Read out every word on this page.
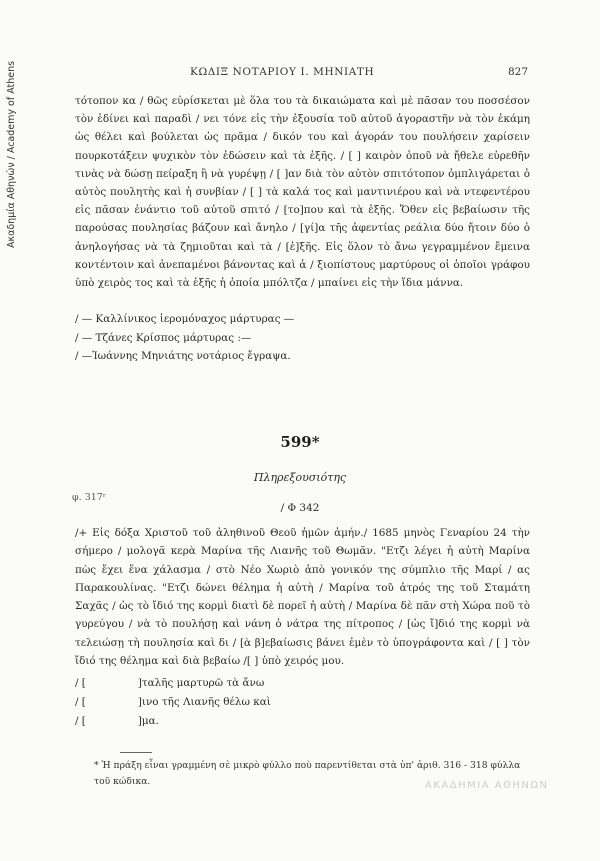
Ακαδημία Αθηνών / Academy of Athens
ΑΚΑΔΗΜΙΑ ΑΘΗΝΩΝ
ΚΩΔΙΞ ΝΟΤΑΡΙΟΥ Ι. ΜΗΝΙΑΤΗ	827

τότοπον κα / θῶς εὑρίσκεται μὲ ὅλα του τὰ δικαιώματα καὶ μὲ πᾶσαν του ποσσέσον τὸν ἐδίνει καὶ παραδὶ / νει τόνε εἰς τὴν ἐξουσία τοῦ αὐτοῦ ἀγοραστῆν νὰ τὸν ἐκάμη ὡς θέλει καὶ βούλεται ὡς πρᾶμα / δικόν του καὶ ἀγοράν του πουλήσειν χαρίσειν πουρκοτάξειν ψυχικὸν τὸν ἐδώσειν καὶ τὰ ἑξῆς. / [ ] καιρὸν ὁποῦ νὰ ἤθελε εὑρεθῆν τινὰς νὰ δώσῃ πείραξη ἢ νὰ γυρέψῃ / [ ]αν διὰ τὸν αὐτὸν σπιτότοπον ὀμπλιγάρεται ὁ αὐτὸς πουλητὴς καὶ ἡ συνβίαν / [ ] τὰ καλά τος καὶ μαντινιέρου καὶ νὰ ντεφεντέρου εἰς πᾶσαν ἐνάντιο τοῦ αὐτοῦ σπιτό / [το]που καὶ τὰ ἑξῆς. Ὅθεν εἰς βεβαίωσιν τῆς παρούσας πουλησίας βάζουν καὶ ἄνηλο / [γί]α τῆς ἀφεντίας ρεάλια δύο ἤτοιν δύο ὁ ἀνηλογήσας νὰ τὰ ζημιοῦται καὶ τὰ / [ἑ]ξῆς. Εἰς ὅλον τὸ ἄνω γεγραμμένον ἔμεινα κοντέντοιν καὶ ἀνεπαμένοι βάνοντας καὶ ἀ / ξιοπίστους μαρτύρους οἱ ὁποῖοι γράφου ὑπὸ χειρὸς τος καὶ τὰ ἑξῆς ἡ ὁποία μπόλτζα / μπαίνει εἰς τὴν ἴδια μάννα.

/ — Καλλίνικος ἱερομόναχος μάρτυρας —
/ — Τζάνες Κρίσπος μάρτυρας :—
/ —Ἰωάννης Μηνιάτης νοτάριος ἔγραψα.
599*
Πληρεξουσιότης
φ. 317ʳ
/ Φ 342

/+ Εἰς δόξα Χριστοῦ τοῦ ἀληθινοῦ Θεοῦ ἡμῶν ἀμήν./ 1685 μηνὸς Γεναρίου 24 τὴν σήμερο / μολογᾶ κερὰ Μαρίνα τῆς Λιανῆς τοῦ Θωμᾶν. "Ετζι λέγει ἡ αὐτὴ Μαρίνα πὼς ἔχει ἕνα χάλασμα / στὸ Νέο Χωριὸ ἀπὸ γονικόν της σύμπλιο τῆς Μαρί / ας Παρακουλίνας. "Ετζι δώνει θέλημα ἡ αὐτὴ / Μαρίνα τοῦ ἀτρός της τοῦ Σταμάτη Σαχᾶς / ὡς τὸ ἴδιό της κορμὶ διατὶ δὲ πορεῖ ἡ αὐτὴ / Μαρίνα δὲ πᾶν στὴ Χώρα ποῦ τὸ γυρεύγου / νὰ τὸ πουλήσῃ καὶ νάνη ὁ νάτρα της πίτροπος / [ὡς ἴ]διό της κορμὶ νὰ τελειώσῃ τὴ πουλησία καὶ δι / [ὰ β]εβαίωσις βάνει ἐμὲν τὸ ὑπογράφοντα καὶ / [ ] τὸν ἴδιό της θέλημα καὶ διὰ βεβαίω /[ ] ὑπὸ χειρός μου.

/ [	]ταλῆς μαρτυρῶ τὰ ἄνω
/ [	]ινο τῆς Λιανῆς θέλω καὶ
/ [	]μα.
* Ἡ πράξη εἶναι γραμμένη σὲ μικρὸ φύλλο ποὺ παρεντίθεται στὰ ὑπ' ἀριθ. 316 - 318 φύλλα τοῦ κώδικα.
